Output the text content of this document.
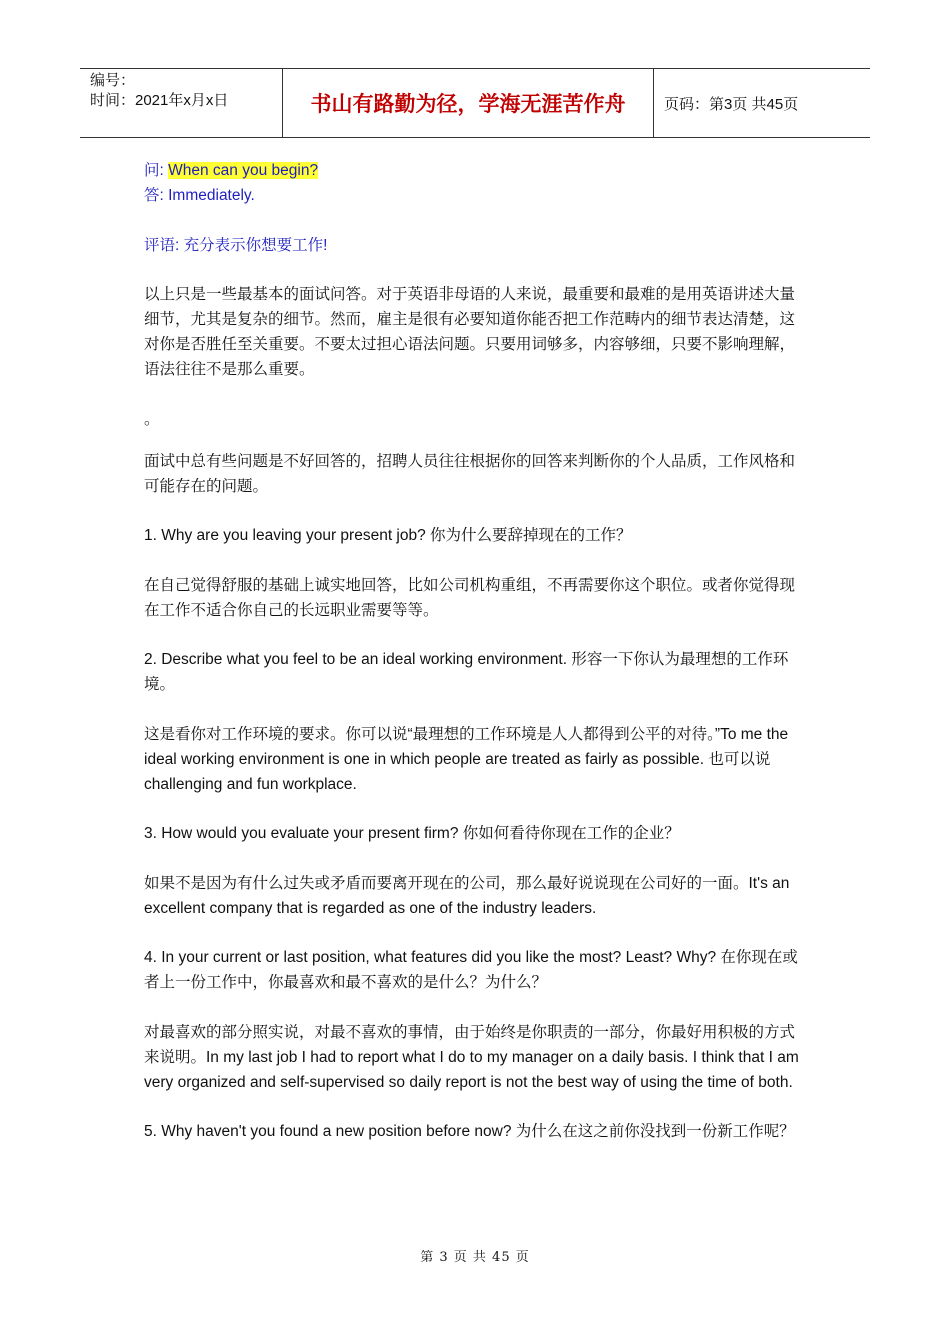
编号：
时间：2021年x月x日	书山有路勤为径，学海无涯苦作舟	页码：第3页 共45页

问: When can you begin?

答: Immediately.

评语: 充分表示你想要工作!

以上只是一些最基本的面试问答。对于英语非母语的人来说，最重要和最难的是用英语讲述大量细节，尤其是复杂的细节。然而，雇主是很有必要知道你能否把工作范畴内的细节表达清楚，这对你是否胜任至关重要。不要太过担心语法问题。只要用词够多，内容够细，只要不影响理解，语法往往不是那么重要。

。

面试中总有些问题是不好回答的，招聘人员往往根据你的回答来判断你的个人品质，工作风格和可能存在的问题。

1. Why are you leaving your present job? 你为什么要辞掉现在的工作？

在自己觉得舒服的基础上诚实地回答，比如公司机构重组，不再需要你这个职位。或者你觉得现在工作不适合你自己的长远职业需要等等。

2. Describe what you feel to be an ideal working environment. 形容一下你认为最理想的工作环境。

这是看你对工作环境的要求。你可以说“最理想的工作环境是人人都得到公平的对待。”To me the ideal working environment is one in which people are treated as fairly as possible. 也可以说challenging and fun workplace.

3. How would you evaluate your present firm? 你如何看待你现在工作的企业？

如果不是因为有什么过失或矛盾而要离开现在的公司，那么最好说说现在公司好的一面。It's an excellent company that is regarded as one of the industry leaders.

4. In your current or last position, what features did you like the most? Least? Why? 在你现在或者上一份工作中，你最喜欢和最不喜欢的是什么？为什么？

对最喜欢的部分照实说，对最不喜欢的事情，由于始终是你职责的一部分，你最好用积极的方式来说明。In my last job I had to report what I do to my manager on a daily basis. I think that I am very organized and self-supervised so daily report is not the best way of using the time of both.

5. Why haven't you found a new position before now? 为什么在这之前你没找到一份新工作呢？

第 3 页 共 45 页
